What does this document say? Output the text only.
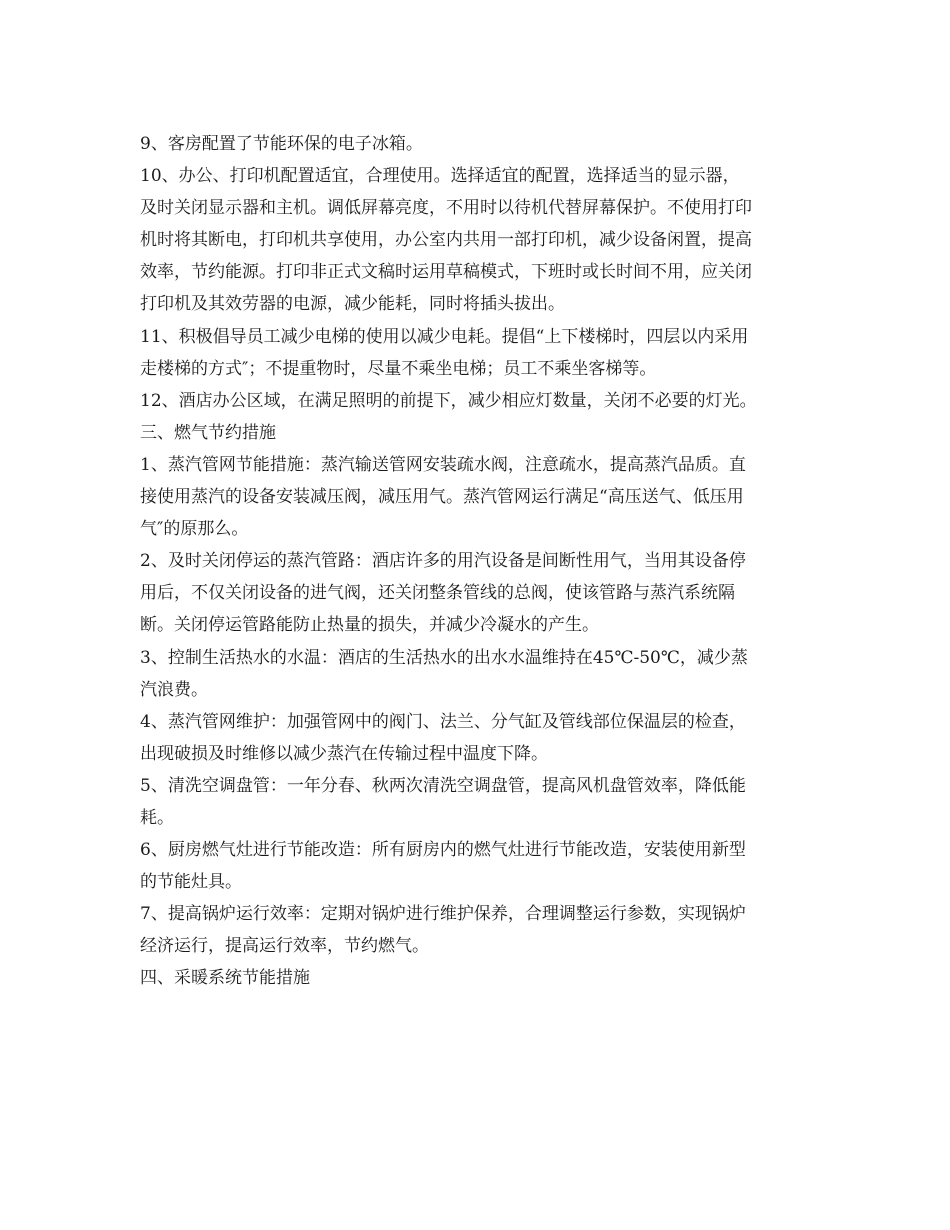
9、客房配置了节能环保的电子冰箱。
10、办公、打印机配置适宜，合理使用。选择适宜的配置，选择适当的显示器，
及时关闭显示器和主机。调低屏幕亮度，不用时以待机代替屏幕保护。不使用打印
机时将其断电，打印机共享使用，办公室内共用一部打印机，减少设备闲置，提高
效率，节约能源。打印非正式文稿时运用草稿模式，下班时或长时间不用，应关闭
打印机及其效劳器的电源，减少能耗，同时将插头拔出。
11、积极倡导员工减少电梯的使用以减少电耗。提倡“上下楼梯时，四层以内采用
走楼梯的方式″；不提重物时，尽量不乘坐电梯；员工不乘坐客梯等。
12、酒店办公区域，在满足照明的前提下，减少相应灯数量，关闭不必要的灯光。
三、燃气节约措施
1、蒸汽管网节能措施：蒸汽输送管网安装疏水阀，注意疏水，提高蒸汽品质。直
接使用蒸汽的设备安装减压阀，减压用气。蒸汽管网运行满足“高压送气、低压用
气″的原那么。
2、及时关闭停运的蒸汽管路：酒店许多的用汽设备是间断性用气，当用其设备停
用后，不仅关闭设备的进气阀，还关闭整条管线的总阀，使该管路与蒸汽系统隔
断。关闭停运管路能防止热量的损失，并减少冷凝水的产生。
3、控制生活热水的水温：酒店的生活热水的出水水温维持在45℃-50℃，减少蒸
汽浪费。
4、蒸汽管网维护：加强管网中的阀门、法兰、分气缸及管线部位保温层的检查，
出现破损及时维修以减少蒸汽在传输过程中温度下降。
5、清洗空调盘管：一年分春、秋两次清洗空调盘管，提高风机盘管效率，降低能
耗。
6、厨房燃气灶进行节能改造：所有厨房内的燃气灶进行节能改造，安装使用新型
的节能灶具。
7、提高锅炉运行效率：定期对锅炉进行维护保养，合理调整运行参数，实现锅炉
经济运行，提高运行效率，节约燃气。
四、采暖系统节能措施
